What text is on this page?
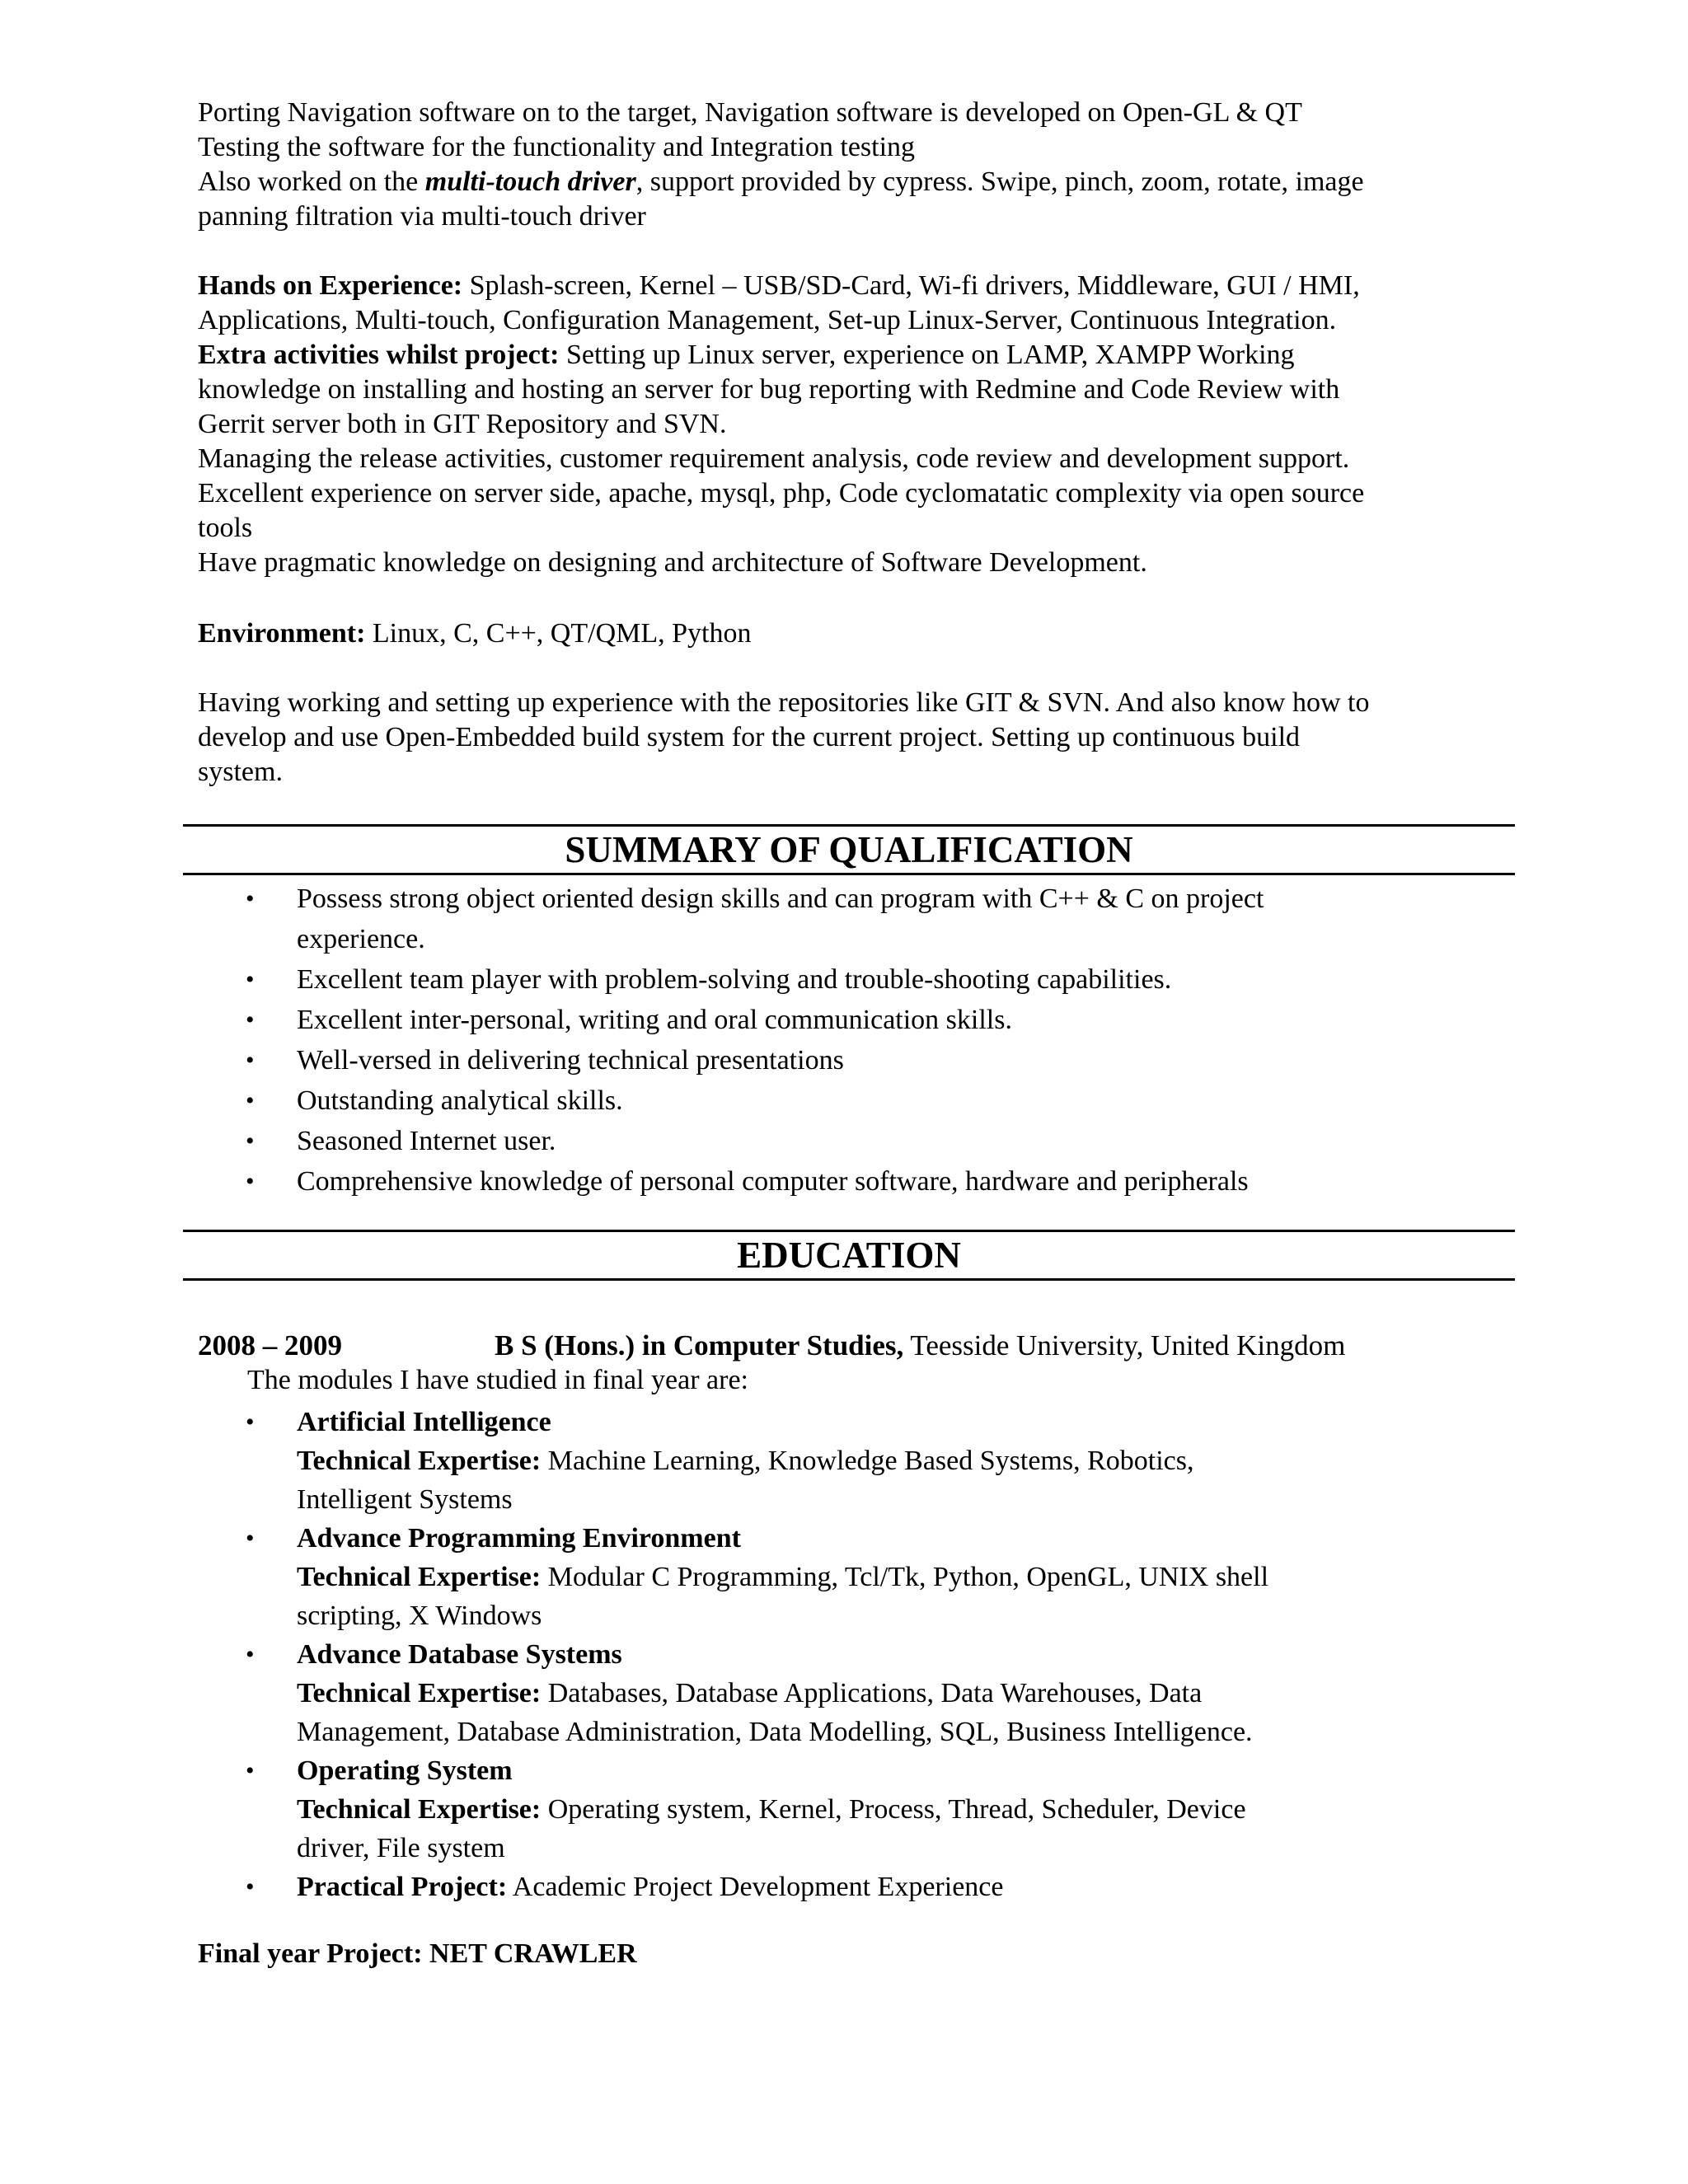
Porting Navigation software on to the target, Navigation software is developed on Open-GL & QT
Testing the software for the functionality and Integration testing
Also worked on the multi-touch driver, support provided by cypress. Swipe, pinch, zoom, rotate, image
panning filtration via multi-touch driver
Hands on Experience: Splash-screen, Kernel – USB/SD-Card, Wi-fi drivers, Middleware, GUI / HMI,
Applications, Multi-touch, Configuration Management, Set-up Linux-Server, Continuous Integration.
Extra activities whilst project: Setting up Linux server, experience on LAMP, XAMPP Working
knowledge on installing and hosting an server for bug reporting with Redmine and Code Review with
Gerrit server both in GIT Repository and SVN.
Managing the release activities, customer requirement analysis, code review and development support.
Excellent experience on server side, apache, mysql, php, Code cyclomatatic complexity via open source
tools
Have pragmatic knowledge on designing and architecture of Software Development.
Environment: Linux, C, C++, QT/QML, Python
Having working and setting up experience with the repositories like GIT & SVN. And also know how to
develop and use Open-Embedded build system for the current project. Setting up continuous build
system.
SUMMARY OF QUALIFICATION
•	Possess strong object oriented design skills and can program with C++ & C on project
experience.
•	Excellent team player with problem-solving and trouble-shooting capabilities.
•	Excellent inter-personal, writing and oral communication skills.
•	Well-versed in delivering technical presentations
•	Outstanding analytical skills.
•	Seasoned Internet user.
•	Comprehensive knowledge of personal computer software, hardware and peripherals
EDUCATION
2008 – 2009	B S (Hons.) in Computer Studies, Teesside University, United Kingdom
The modules I have studied in final year are:
•	Artificial Intelligence
Technical Expertise: Machine Learning, Knowledge Based Systems, Robotics,
Intelligent Systems
•	Advance Programming Environment
Technical Expertise: Modular C Programming, Tcl/Tk, Python, OpenGL, UNIX shell
scripting, X Windows
•	Advance Database Systems
Technical Expertise: Databases, Database Applications, Data Warehouses, Data
Management, Database Administration, Data Modelling, SQL, Business Intelligence.
•	Operating System
Technical Expertise: Operating system, Kernel, Process, Thread, Scheduler, Device
driver, File system
•	Practical Project: Academic Project Development Experience
Final year Project: NET CRAWLER
